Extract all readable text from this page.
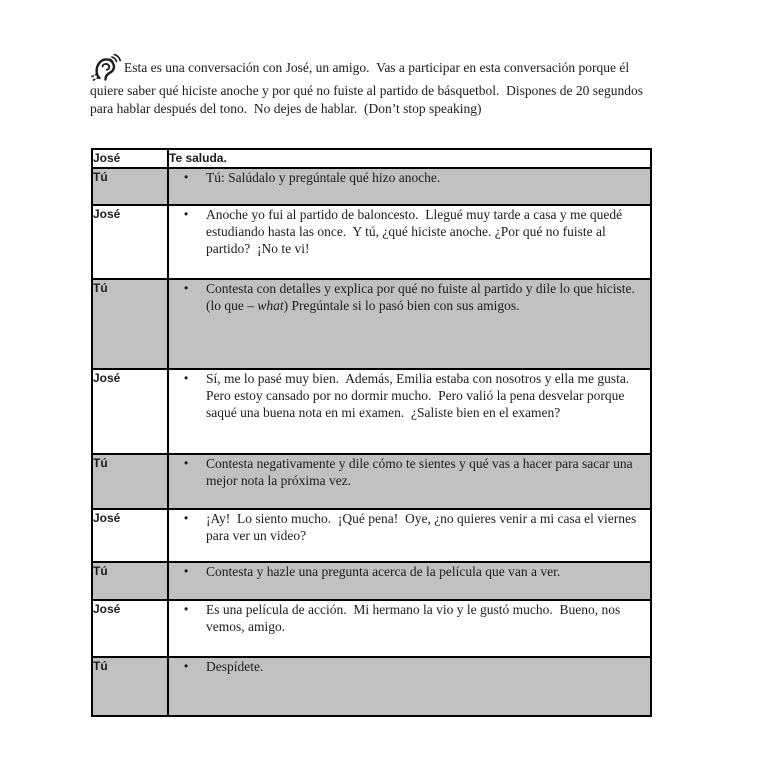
Esta es una conversación con José, un amigo.  Vas a participar en esta conversación porque él quiere saber qué hiciste anoche y por qué no fuiste al partido de básquetbol.  Dispones de 20 segundos para hablar después del tono.  No dejes de hablar.  (Don’t stop speaking)
José	Te saluda.
Tú	• Tú: Salúdalo y pregúntale qué hizo anoche.

José	• Anoche yo fui al partido de baloncesto.  Llegué muy tarde a casa y me quedé estudiando hasta las once.  Y tú, ¿qué hiciste anoche. ¿Por qué no fuiste al partido?  ¡No te vi!

Tú	• Contesta con detalles y explica por qué no fuiste al partido y dile lo que hiciste.  (lo que – what) Pregúntale si lo pasó bien con sus amigos.

José	• Sí, me lo pasé muy bien.  Además, Emilia estaba con nosotros y ella me gusta.    Pero estoy cansado por no dormir mucho.  Pero valió la pena desvelar porque saqué una buena nota en mi examen.  ¿Saliste bien en el examen?

Tú	• Contesta negativamente y dile cómo te sientes y qué vas a hacer para sacar una mejor nota la próxima vez.

José	• ¡Ay!  Lo siento mucho.  ¡Qué pena!  Oye, ¿no quieres venir a mi casa el viernes para ver un video?

Tú	• Contesta y hazle una pregunta acerca de la película que van a ver.

José	• Es una película de acción.  Mi hermano la vio y le gustó mucho.  Bueno, nos vemos, amigo.

Tú	• Despídete.
